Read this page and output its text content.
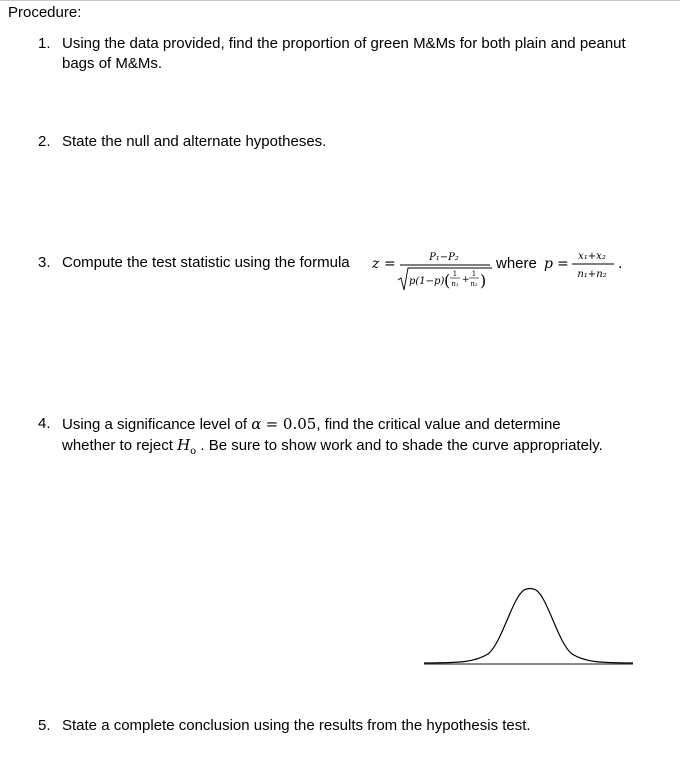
Procedure:
1. Using the data provided, find the proportion of green M&Ms for both plain and peanut bags of M&Ms.
2. State the null and alternate hypotheses.
3. Compute the test statistic using the formula z =	P₁−P₂
p(1−p) ( 1
n₁ +
1
n₂ )
where p = x₁+x₂
n₁+n₂
.
4. Using a significance level of α = 0.05, find the critical value and determine
whether to reject $H_o$ . Be sure to show work and to shade the curve appropriately.
5. State a complete conclusion using the results from the hypothesis test.
